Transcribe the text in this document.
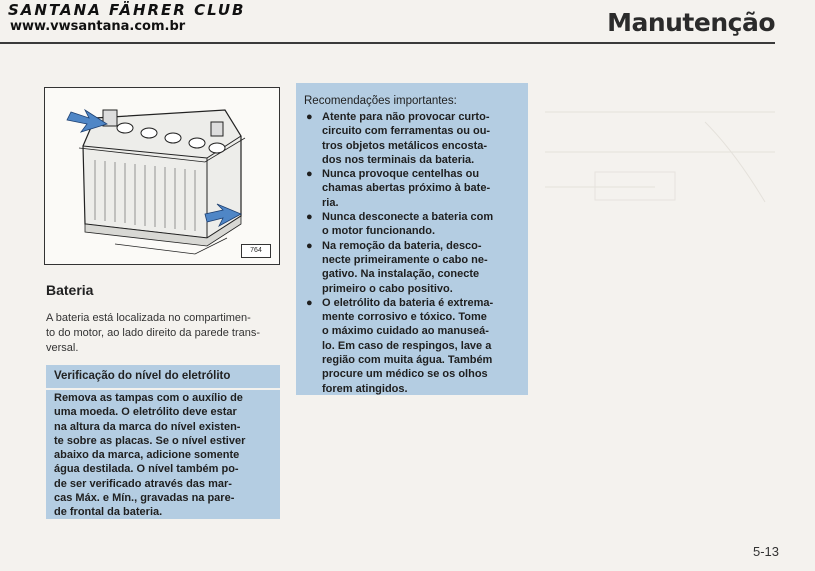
SANTANA FÄHRER CLUB
www.vwsantana.com.br	Manutenção
764
Bateria
A bateria está localizada no compartimen-
to do motor, ao lado direito da parede trans-
versal.
Verificação do nível do eletrólito
Remova as tampas com o auxílio de
uma moeda. O eletrólito deve estar
na altura da marca do nível existen-
te sobre as placas. Se o nível estiver
abaixo da marca, adicione somente
água destilada. O nível também po-
de ser verificado através das mar-
cas Máx. e Mín., gravadas na pare-
de frontal da bateria.
Recomendações importantes:
● Atente para não provocar curto-
circuito com ferramentas ou ou-
tros objetos metálicos encosta-
dos nos terminais da bateria.
● Nunca provoque centelhas ou
chamas abertas próximo à bate-
ria.
● Nunca desconecte a bateria com
o motor funcionando.
● Na remoção da bateria, desco-
necte primeiramente o cabo ne-
gativo. Na instalação, conecte
primeiro o cabo positivo.
● O eletrólito da bateria é extrema-
mente corrosivo e tóxico. Tome
o máximo cuidado ao manuseá-
lo. Em caso de respingos, lave a
região com muita água. Também
procure um médico se os olhos
forem atingidos.
5-13
